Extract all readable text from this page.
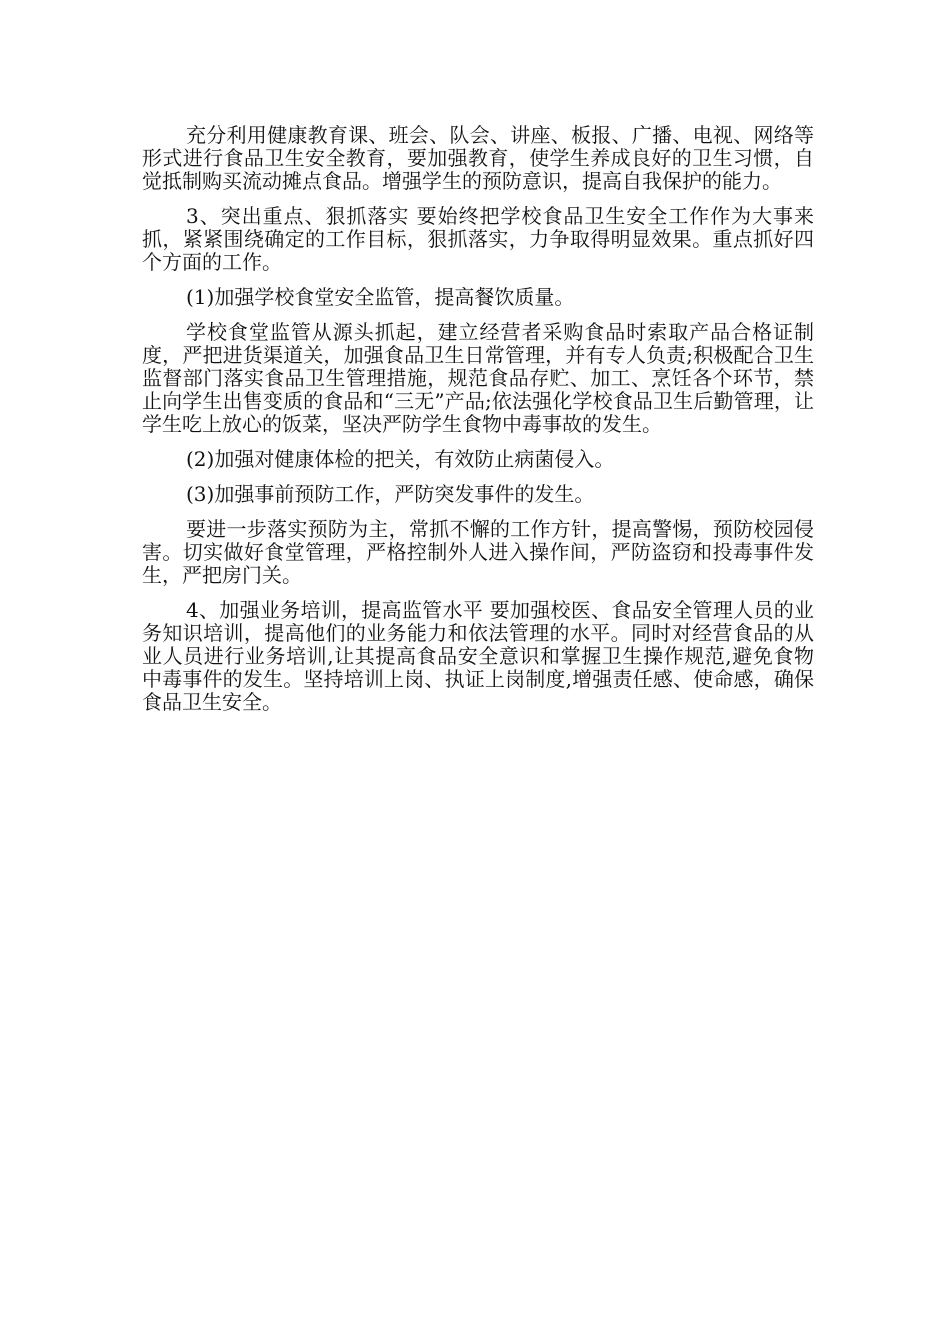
充分利用健康教育课、班会、队会、讲座、板报、广播、电视、网络等形式进行食品卫生安全教育，要加强教育，使学生养成良好的卫生习惯，自觉抵制购买流动摊点食品。增强学生的预防意识，提高自我保护的能力。

3、突出重点、狠抓落实 要始终把学校食品卫生安全工作作为大事来抓，紧紧围绕确定的工作目标，狠抓落实，力争取得明显效果。重点抓好四个方面的工作。

(1)加强学校食堂安全监管，提高餐饮质量。

学校食堂监管从源头抓起，建立经营者采购食品时索取产品合格证制度，严把进货渠道关，加强食品卫生日常管理，并有专人负责;积极配合卫生监督部门落实食品卫生管理措施，规范食品存贮、加工、烹饪各个环节，禁止向学生出售变质的食品和“三无”产品;依法强化学校食品卫生后勤管理，让学生吃上放心的饭菜，坚决严防学生食物中毒事故的发生。

(2)加强对健康体检的把关，有效防止病菌侵入。

(3)加强事前预防工作，严防突发事件的发生。

要进一步落实预防为主，常抓不懈的工作方针，提高警惕，预防校园侵害。切实做好食堂管理，严格控制外人进入操作间，严防盗窃和投毒事件发生，严把房门关。

4、加强业务培训，提高监管水平 要加强校医、食品安全管理人员的业务知识培训，提高他们的业务能力和依法管理的水平。同时对经营食品的从业人员进行业务培训,让其提高食品安全意识和掌握卫生操作规范,避免食物中毒事件的发生。坚持培训上岗、执证上岗制度,增强责任感、使命感，确保食品卫生安全。
